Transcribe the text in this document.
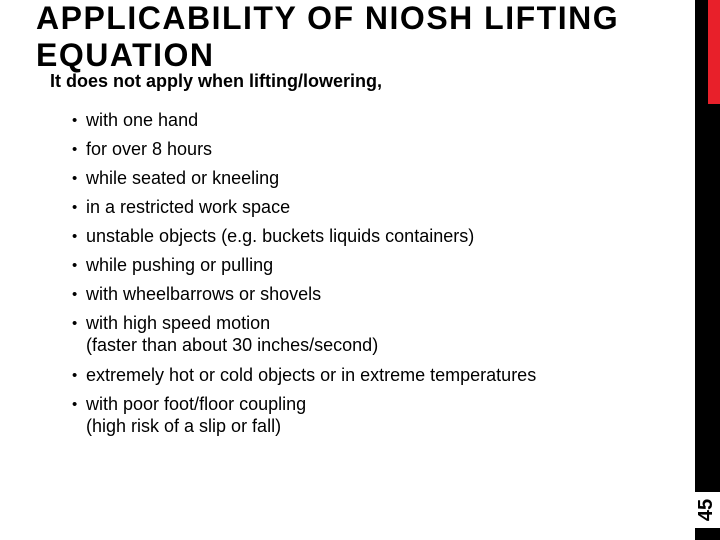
APPLICABILITY OF NIOSH LIFTING EQUATION

It does not apply when lifting/lowering,

• with one hand
• for over 8 hours
• while seated or kneeling
• in a restricted work space
• unstable objects (e.g. buckets liquids containers)
• while pushing or pulling
• with wheelbarrows or shovels
• with high speed motion
(faster than about 30 inches/second)
• extremely hot or cold objects or in extreme temperatures
• with poor foot/floor coupling
(high risk of a slip or fall)
45
